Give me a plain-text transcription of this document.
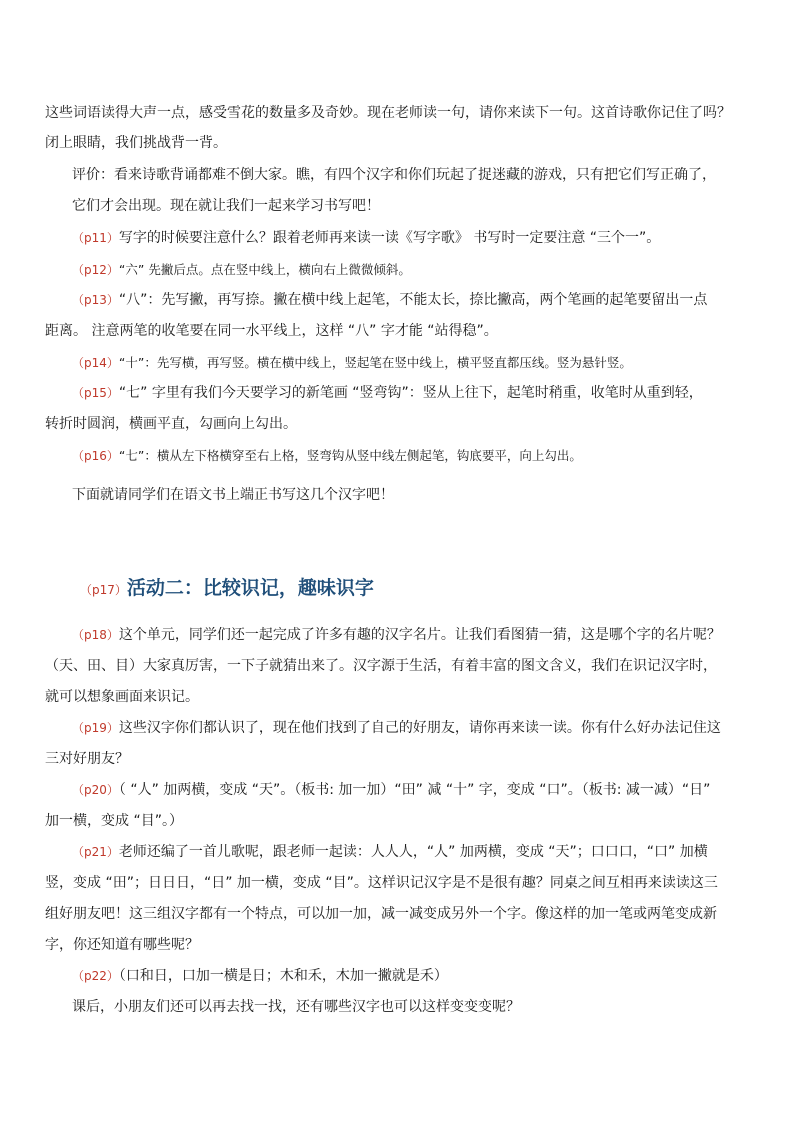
这些词语读得大声一点，感受雪花的数量多及奇妙。现在老师读一句，请你来读下一句。这首诗歌你记住了吗？
闭上眼睛，我们挑战背一背。
评价：看来诗歌背诵都难不倒大家。瞧，有四个汉字和你们玩起了捉迷藏的游戏，只有把它们写正确了，
它们才会出现。现在就让我们一起来学习书写吧！
（p11）写字的时候要注意什么？跟着老师再来读一读《写字歌》 书写时一定要注意 “三个一”。
（p12）“六” 先撇后点。点在竖中线上，横向右上微微倾斜。
（p13）“八”：先写撇，再写捺。撇在横中线上起笔，不能太长，捺比撇高，两个笔画的起笔要留出一点
距离。 注意两笔的收笔要在同一水平线上，这样 “八” 字才能 “站得稳”。
（p14）“十”：先写横，再写竖。横在横中线上，竖起笔在竖中线上，横平竖直都压线。竖为悬针竖。
（p15）“七” 字里有我们今天要学习的新笔画 “竖弯钩”：竖从上往下，起笔时稍重，收笔时从重到轻，
转折时圆润，横画平直，勾画向上勾出。
（p16）“七”：横从左下格横穿至右上格，竖弯钩从竖中线左侧起笔，钩底要平，向上勾出。
下面就请同学们在语文书上端正书写这几个汉字吧！
（p17）活动二：比较识记，趣味识字
（p18）这个单元，同学们还一起完成了许多有趣的汉字名片。让我们看图猜一猜，这是哪个字的名片呢？
（天、田、目）大家真厉害，一下子就猜出来了。汉字源于生活，有着丰富的图文含义，我们在识记汉字时，
就可以想象画面来识记。
（p19）这些汉字你们都认识了，现在他们找到了自己的好朋友，请你再来读一读。你有什么好办法记住这
三对好朋友？
（p20）（ “人” 加两横，变成 “天”。（板书: 加一加）“田” 减 “十” 字，变成 “口”。（板书: 减一减）“日”
加一横，变成 “目”。）
（p21）老师还编了一首儿歌呢，跟老师一起读：人人人，“人” 加两横，变成 “天”；口口口，“口” 加横
竖，变成 “田”；日日日，“日” 加一横，变成 “目”。这样识记汉字是不是很有趣？同桌之间互相再来读读这三
组好朋友吧！这三组汉字都有一个特点，可以加一加，减一减变成另外一个字。像这样的加一笔或两笔变成新
字，你还知道有哪些呢？
（p22）（口和日，口加一横是日；木和禾，木加一撇就是禾）
课后，小朋友们还可以再去找一找，还有哪些汉字也可以这样变变变呢？
